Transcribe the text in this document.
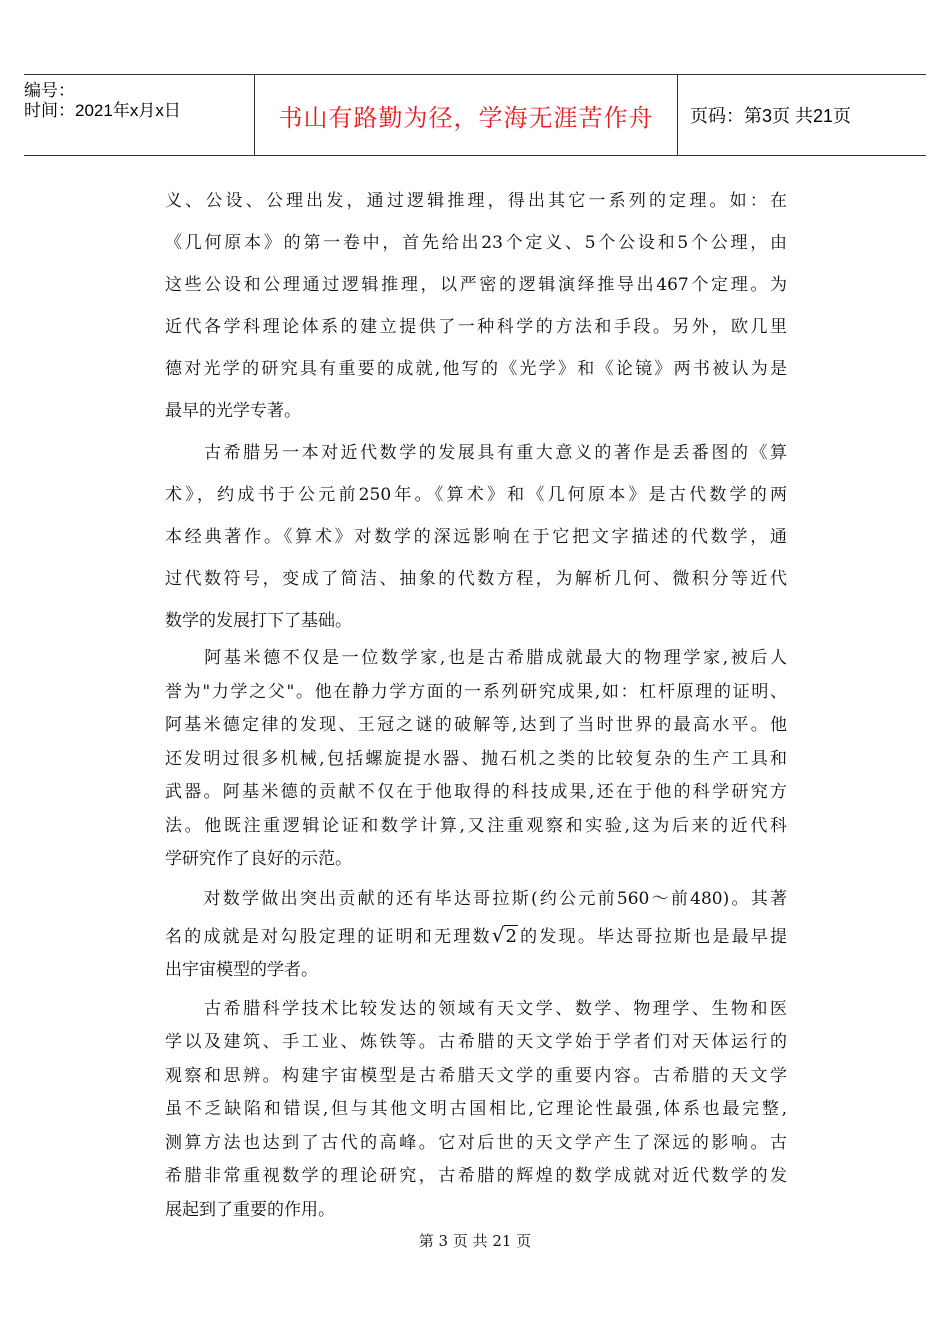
编号：
时间：2021年x月x日	书山有路勤为径，学海无涯苦作舟	页码：第3页 共21页
义、公设、公理出发，通过逻辑推理，得出其它一系列的定理。如：在
《几何原本》的第一卷中，首先给出23个定义、5个公设和5个公理，由
这些公设和公理通过逻辑推理，以严密的逻辑演绎推导出467个定理。为
近代各学科理论体系的建立提供了一种科学的方法和手段。另外，欧几里
德对光学的研究具有重要的成就,他写的《光学》和《论镜》两书被认为是
最早的光学专著。
　　古希腊另一本对近代数学的发展具有重大意义的著作是丢番图的《算
术》，约成书于公元前250年。《算术》和《几何原本》是古代数学的两
本经典著作。《算术》对数学的深远影响在于它把文字描述的代数学，通
过代数符号，变成了简洁、抽象的代数方程，为解析几何、微积分等近代
数学的发展打下了基础。
　　阿基米德不仅是一位数学家,也是古希腊成就最大的物理学家,被后人
誉为"力学之父"。他在静力学方面的一系列研究成果,如：杠杆原理的证明、
阿基米德定律的发现、王冠之谜的破解等,达到了当时世界的最高水平。他
还发明过很多机械,包括螺旋提水器、抛石机之类的比较复杂的生产工具和
武器。阿基米德的贡献不仅在于他取得的科技成果,还在于他的科学研究方
法。他既注重逻辑论证和数学计算,又注重观察和实验,这为后来的近代科
学研究作了良好的示范。
　　对数学做出突出贡献的还有毕达哥拉斯(约公元前560～前480)。其著
名的成就是对勾股定理的证明和无理数√2的发现。毕达哥拉斯也是最早提
出宇宙模型的学者。
　　古希腊科学技术比较发达的领域有天文学、数学、物理学、生物和医
学以及建筑、手工业、炼铁等。古希腊的天文学始于学者们对天体运行的
观察和思辨。构建宇宙模型是古希腊天文学的重要内容。古希腊的天文学
虽不乏缺陷和错误,但与其他文明古国相比,它理论性最强,体系也最完整,
测算方法也达到了古代的高峰。它对后世的天文学产生了深远的影响。古
希腊非常重视数学的理论研究，古希腊的辉煌的数学成就对近代数学的发
展起到了重要的作用。
第 3 页 共 21 页
